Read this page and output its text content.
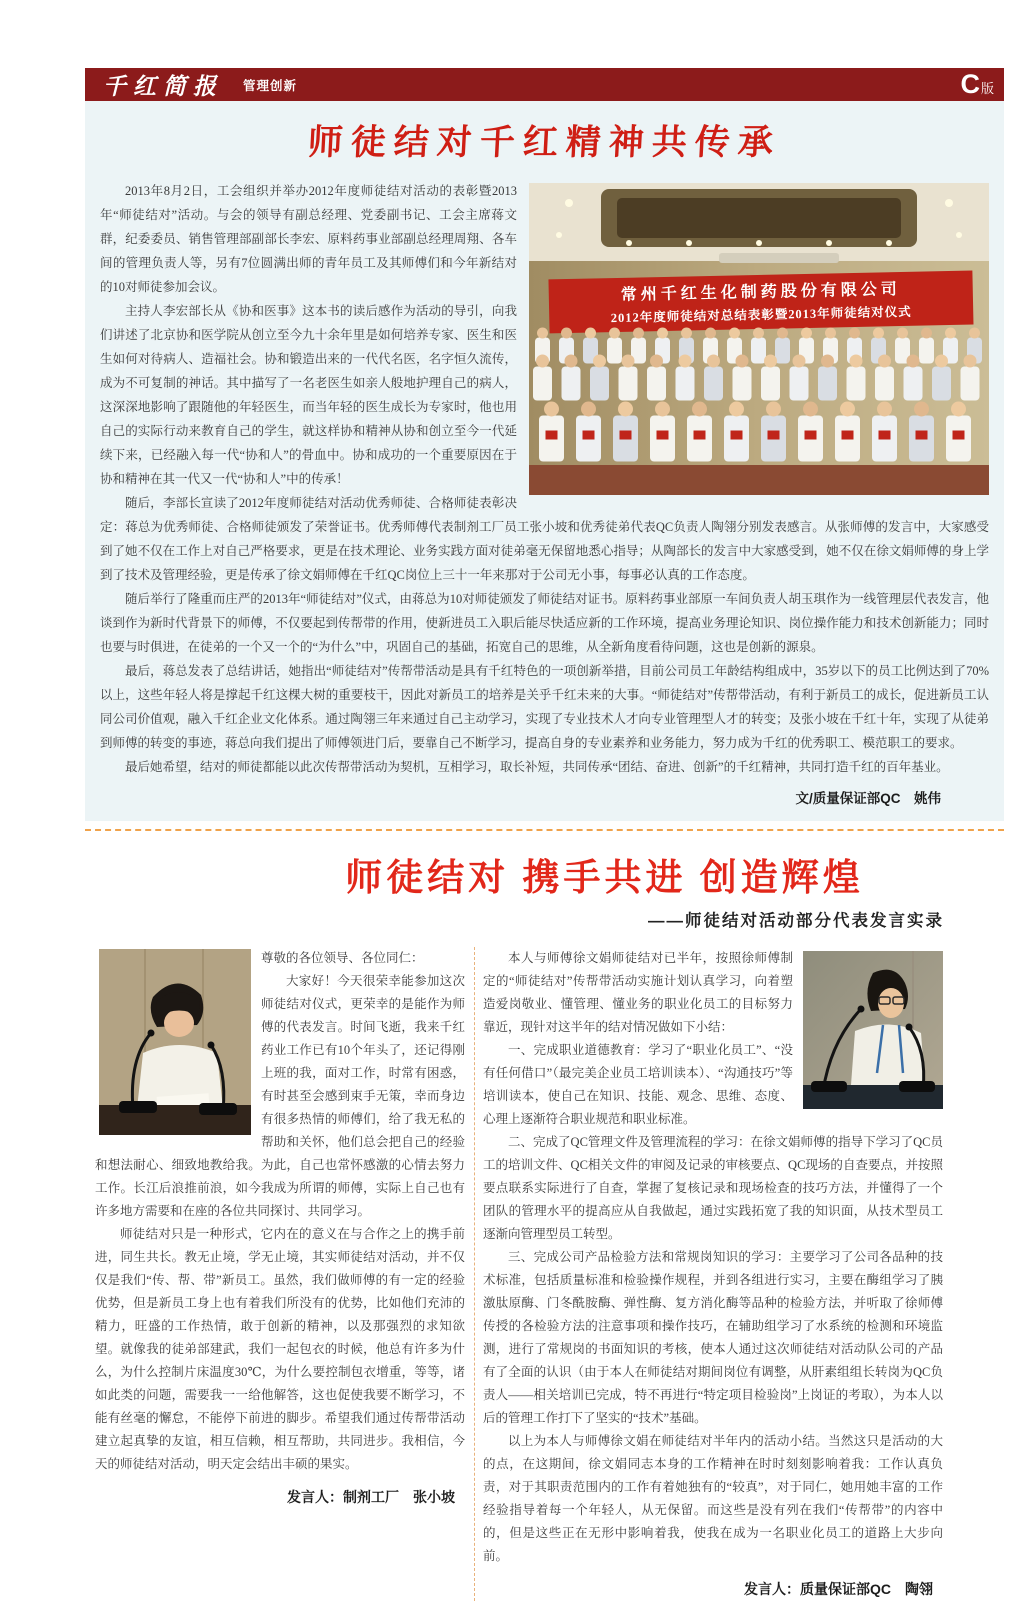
千红简报 管理创新	C 版
师徒结对千红精神共传承
常州千红生化制药股份有限公司
2012年度师徒结对总结表彰暨2013年师徒结对仪式

2013年8月2日，工会组织并举办2012年度师徒结对活动的表彰暨2013年“师徒结对”活动。与会的领导有副总经理、党委副书记、工会主席蒋文群，纪委委员、销售管理部副部长李宏、原料药事业部副总经理周翔、各车间的管理负责人等，另有7位圆满出师的青年员工及其师傅们和今年新结对的10对师徒参加会议。

主持人李宏部长从《协和医事》这本书的读后感作为活动的导引，向我们讲述了北京协和医学院从创立至今九十余年里是如何培养专家、医生和医生如何对待病人、造福社会。协和锻造出来的一代代名医，名字恒久流传，成为不可复制的神话。其中描写了一名老医生如亲人般地护理自己的病人，这深深地影响了跟随他的年轻医生，而当年轻的医生成长为专家时，他也用自己的实际行动来教育自己的学生，就这样协和精神从协和创立至今一代延续下来，已经融入每一代“协和人”的骨血中。协和成功的一个重要原因在于协和精神在其一代又一代“协和人”中的传承！

随后，李部长宣读了2012年度师徒结对活动优秀师徒、合格师徒表彰决定：蒋总为优秀师徒、合格师徒颁发了荣誉证书。优秀师傅代表制剂工厂员工张小坡和优秀徒弟代表QC负责人陶翎分别发表感言。从张师傅的发言中，大家感受到了她不仅在工作上对自己严格要求，更是在技术理论、业务实践方面对徒弟毫无保留地悉心指导；从陶部长的发言中大家感受到，她不仅在徐文娟师傅的身上学到了技术及管理经验，更是传承了徐文娟师傅在千红QC岗位上三十一年来那对于公司无小事，每事必认真的工作态度。

随后举行了隆重而庄严的2013年“师徒结对”仪式，由蒋总为10对师徒颁发了师徒结对证书。原料药事业部原一车间负责人胡玉琪作为一线管理层代表发言，他谈到作为新时代背景下的师傅，不仅要起到传帮带的作用，使新进员工入职后能尽快适应新的工作环境，提高业务理论知识、岗位操作能力和技术创新能力；同时也要与时俱进，在徒弟的一个又一个的“为什么”中，巩固自己的基础，拓宽自己的思维，从全新角度看待问题，这也是创新的源泉。

最后，蒋总发表了总结讲话，她指出“师徒结对”传帮带活动是具有千红特色的一项创新举措，目前公司员工年龄结构组成中，35岁以下的员工比例达到了70%以上，这些年轻人将是撑起千红这棵大树的重要枝干，因此对新员工的培养是关乎千红未来的大事。“师徒结对”传帮带活动，有利于新员工的成长，促进新员工认同公司价值观，融入千红企业文化体系。通过陶翎三年来通过自己主动学习，实现了专业技术人才向专业管理型人才的转变；及张小坡在千红十年，实现了从徒弟到师傅的转变的事迹，蒋总向我们提出了师傅领进门后，要靠自己不断学习，提高自身的专业素养和业务能力，努力成为千红的优秀职工、模范职工的要求。

最后她希望，结对的师徒都能以此次传帮带活动为契机，互相学习，取长补短，共同传承“团结、奋进、创新”的千红精神，共同打造千红的百年基业。

文/质量保证部QC　姚伟
师徒结对 携手共进 创造辉煌
——师徒结对活动部分代表发言实录

尊敬的各位领导、各位同仁：

大家好！今天很荣幸能参加这次师徒结对仪式，更荣幸的是能作为师傅的代表发言。时间飞逝，我来千红药业工作已有10个年头了，还记得刚上班的我，面对工作，时常有困惑，有时甚至会感到束手无策，幸而身边有很多热情的师傅们，给了我无私的帮助和关怀，他们总会把自己的经验和想法耐心、细致地教给我。为此，自己也常怀感激的心情去努力工作。长江后浪推前浪，如今我成为所谓的师傅，实际上自己也有许多地方需要和在座的各位共同探讨、共同学习。

师徒结对只是一种形式，它内在的意义在与合作之上的携手前进，同生共长。教无止境，学无止境，其实师徒结对活动，并不仅仅是我们“传、帮、带”新员工。虽然，我们做师傅的有一定的经验优势，但是新员工身上也有着我们所没有的优势，比如他们充沛的精力，旺盛的工作热情，敢于创新的精神，以及那强烈的求知欲望。就像我的徒弟部建武，我们一起包衣的时候，他总有许多为什么，为什么控制片床温度30℃，为什么要控制包衣增重，等等，诸如此类的问题，需要我一一给他解答，这也促使我要不断学习，不能有丝毫的懈怠，不能停下前进的脚步。希望我们通过传帮带活动建立起真挚的友谊，相互信赖，相互帮助，共同进步。我相信，今天的师徒结对活动，明天定会结出丰硕的果实。

发言人：制剂工厂　张小坡

本人与师傅徐文娟师徒结对已半年，按照徐师傅制定的“师徒结对”传帮带活动实施计划认真学习，向着塑造爱岗敬业、懂管理、懂业务的职业化员工的目标努力靠近，现针对这半年的结对情况做如下小结：

一、完成职业道德教育：学习了“职业化员工”、“没有任何借口”（最完美企业员工培训读本）、“沟通技巧”等培训读本，使自己在知识、技能、观念、思维、态度、心理上逐渐符合职业规范和职业标准。

二、完成了QC管理文件及管理流程的学习：在徐文娟师傅的指导下学习了QC员工的培训文件、QC相关文件的审阅及记录的审核要点、QC现场的自查要点，并按照要点联系实际进行了自查，掌握了复核记录和现场检查的技巧方法，并懂得了一个团队的管理水平的提高应从自我做起，通过实践拓宽了我的知识面，从技术型员工逐渐向管理型员工转型。

三、完成公司产品检验方法和常规岗知识的学习：主要学习了公司各品种的技术标准，包括质量标准和检验操作规程，并到各组进行实习，主要在酶组学习了胰激肽原酶、门冬酰胺酶、弹性酶、复方消化酶等品种的检验方法，并听取了徐师傅传授的各检验方法的注意事项和操作技巧，在辅助组学习了水系统的检测和环境监测，进行了常规岗的书面知识的考核，使本人通过这次师徒结对活动队公司的产品有了全面的认识（由于本人在师徒结对期间岗位有调整，从肝素组组长转岗为QC负责人——相关培训已完成，特不再进行“特定项目检验岗”上岗证的考取），为本人以后的管理工作打下了坚实的“技术”基础。

以上为本人与师傅徐文娟在师徒结对半年内的活动小结。当然这只是活动的大的点，在这期间，徐文娟同志本身的工作精神在时时刻刻影响着我：工作认真负责，对于其职责范围内的工作有着她独有的“较真”，对于同仁，她用她丰富的工作经验指导着每一个年轻人，从无保留。而这些是没有列在我们“传帮带”的内容中的，但是这些正在无形中影响着我，使我在成为一名职业化员工的道路上大步向前。

发言人：质量保证部QC　陶翎
